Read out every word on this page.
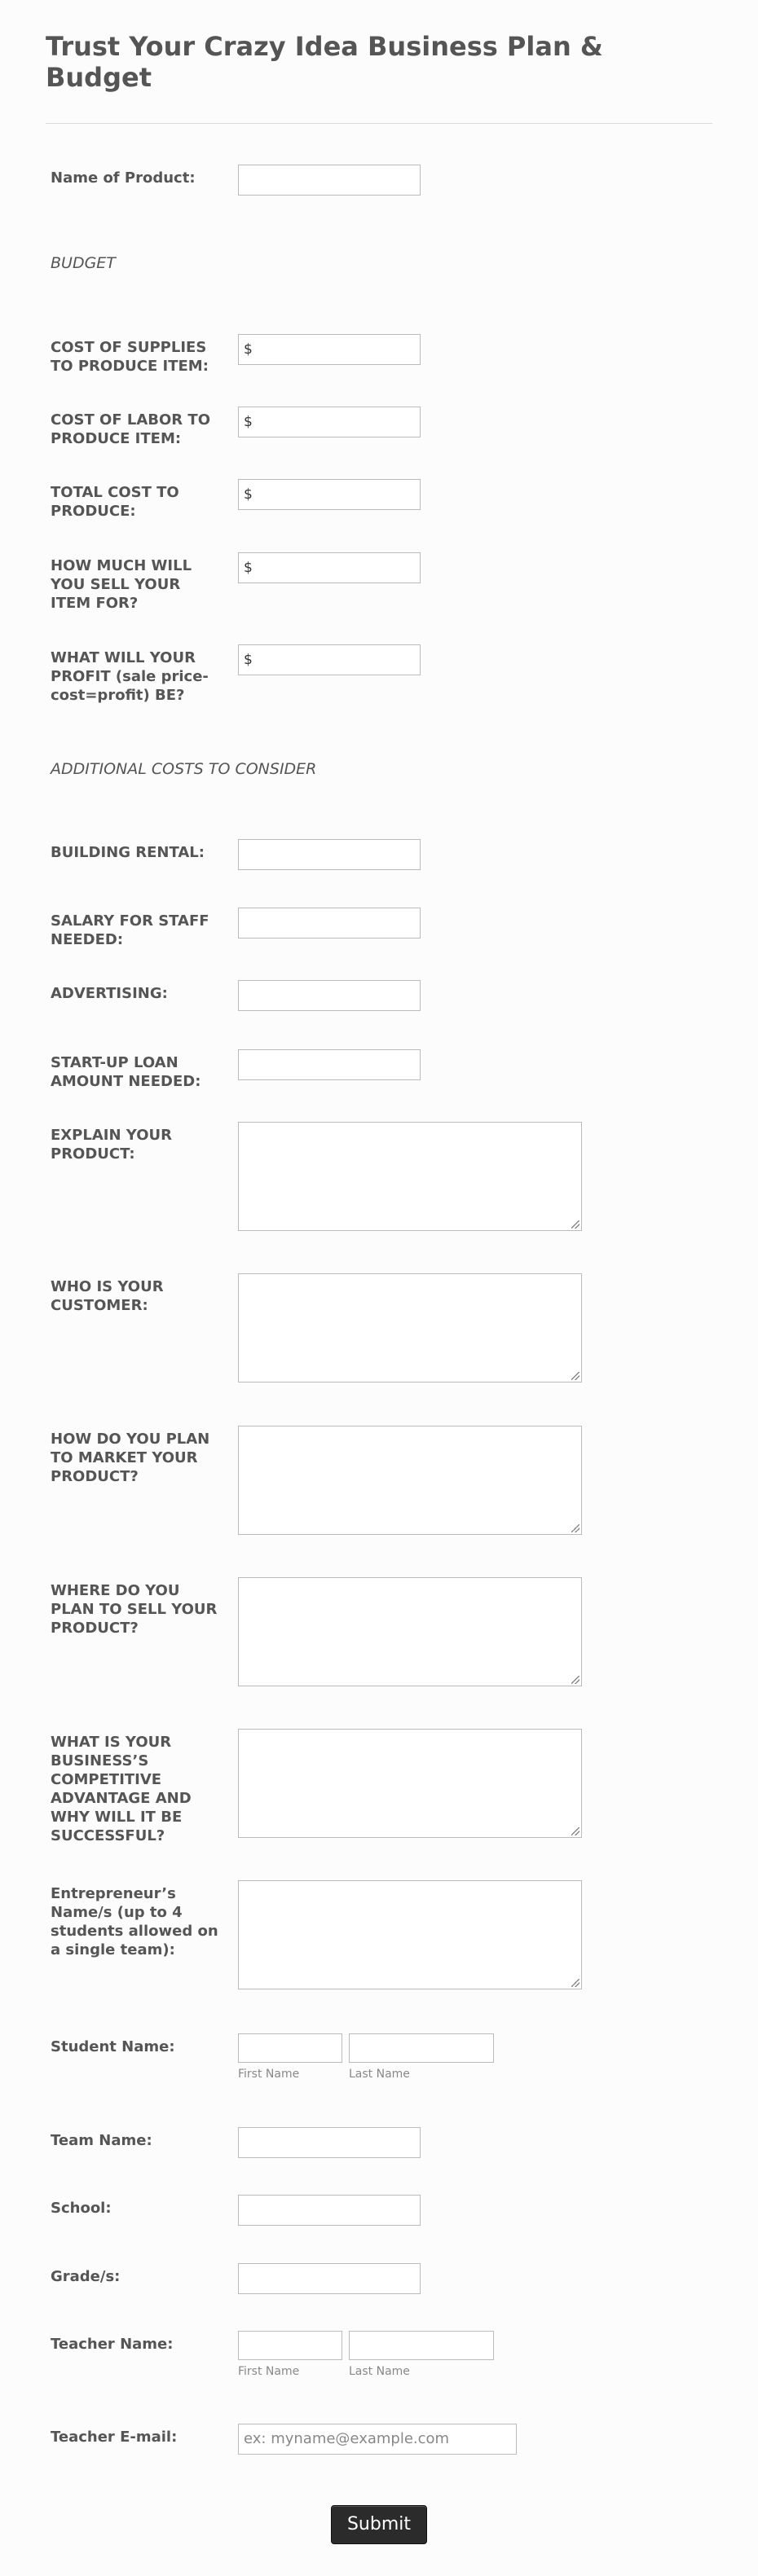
Trust Your Crazy Idea Business Plan & Budget
Name of Product:
BUDGET
COST OF SUPPLIES TO PRODUCE ITEM:
$
COST OF LABOR TO PRODUCE ITEM:
$
TOTAL COST TO PRODUCE:
$
HOW MUCH WILL YOU SELL YOUR ITEM FOR?
$
WHAT WILL YOUR PROFIT (sale price-cost=profit) BE?
$
ADDITIONAL COSTS TO CONSIDER
BUILDING RENTAL:
SALARY FOR STAFF NEEDED:
ADVERTISING:
START-UP LOAN AMOUNT NEEDED:
EXPLAIN YOUR PRODUCT:
WHO IS YOUR CUSTOMER:
HOW DO YOU PLAN TO MARKET YOUR PRODUCT?
WHERE DO YOU PLAN TO SELL YOUR PRODUCT?
WHAT IS YOUR BUSINESS’S COMPETITIVE ADVANTAGE AND WHY WILL IT BE SUCCESSFUL?
Entrepreneur’s Name/s (up to 4 students allowed on a single team):
Student Name:
First Name	Last Name
Team Name:
School:
Grade/s:
Teacher Name:
First Name	Last Name
Teacher E-mail:	ex: myname@example.com
Submit
